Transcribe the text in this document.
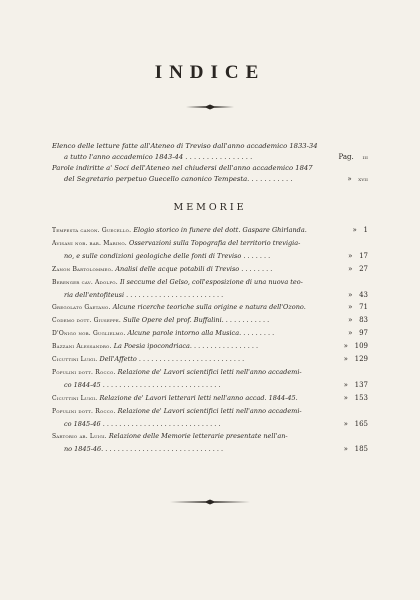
INDICE
Elenco delle letture fatte all'Ateneo di Treviso dall'anno accademico 1833-34
a tutto l'anno accademico 1843-44 . . . . . . . . . . . . . . . .	Pag. iii
Parole indiritte a' Soci dell'Ateneo nel chiudersi dell'anno accademico 1847
del Segretario perpetuo Guecello canonico Tempesta. . . . . . . . . . .	» xvii
MEMORIE
Tempesta canon. Guecello. Elogio storico in funere del dott. Gaspare Ghirlanda.	» 1
Avisani nob. bar. Marino. Osservazioni sulla Topografia del territorio trevigia-
no, e sulle condizioni geologiche delle fonti di Treviso . . . . . . .	» 17
Zanon Bartolommeo. Analisi delle acque potabili di Treviso . . . . . . . .	» 27
Berenger cav. Adolfo. Il seccume del Gelso, coll'esposizione di una nuova teo-
ria dell'entofiteusi . . . . . . . . . . . . . . . . . . . . . . . .	» 43
Gregolato Gaetano. Alcune ricerche teoriche sulla origine e natura dell'Ozono.	» 71
Codemo dott. Giuseppe. Sulle Opere del prof. Buffalini. . . . . . . . . . . .	» 83
D'Onigo nob. Guglielmo. Alcune parole intorno alla Musica. . . . . . . . .	» 97
Bazzani Alessandro. La Poesia ipocondriaca. . . . . . . . . . . . . . . . .	» 109
Cicuttini Luigi. Dell'Affetto . . . . . . . . . . . . . . . . . . . . . . . . . .	» 129
Populini dott. Rocco. Relazione de' Lavori scientifici letti nell'anno accademi-
co 1844-45 . . . . . . . . . . . . . . . . . . . . . . . . . . . . .	» 137
Cicuttini Luigi. Relazione de' Lavori letterari letti nell'anno accad. 1844-45.	» 153
Populini dott. Rocco. Relazione de' Lavori scientifici letti nell'anno accademi-
co 1845-46 . . . . . . . . . . . . . . . . . . . . . . . . . . . . .	» 165
Sartorio ab. Luigi. Relazione delle Memorie letterarie presentate nell'an-
no 1845-46. . . . . . . . . . . . . . . . . . . . . . . . . . . . . .	» 185
